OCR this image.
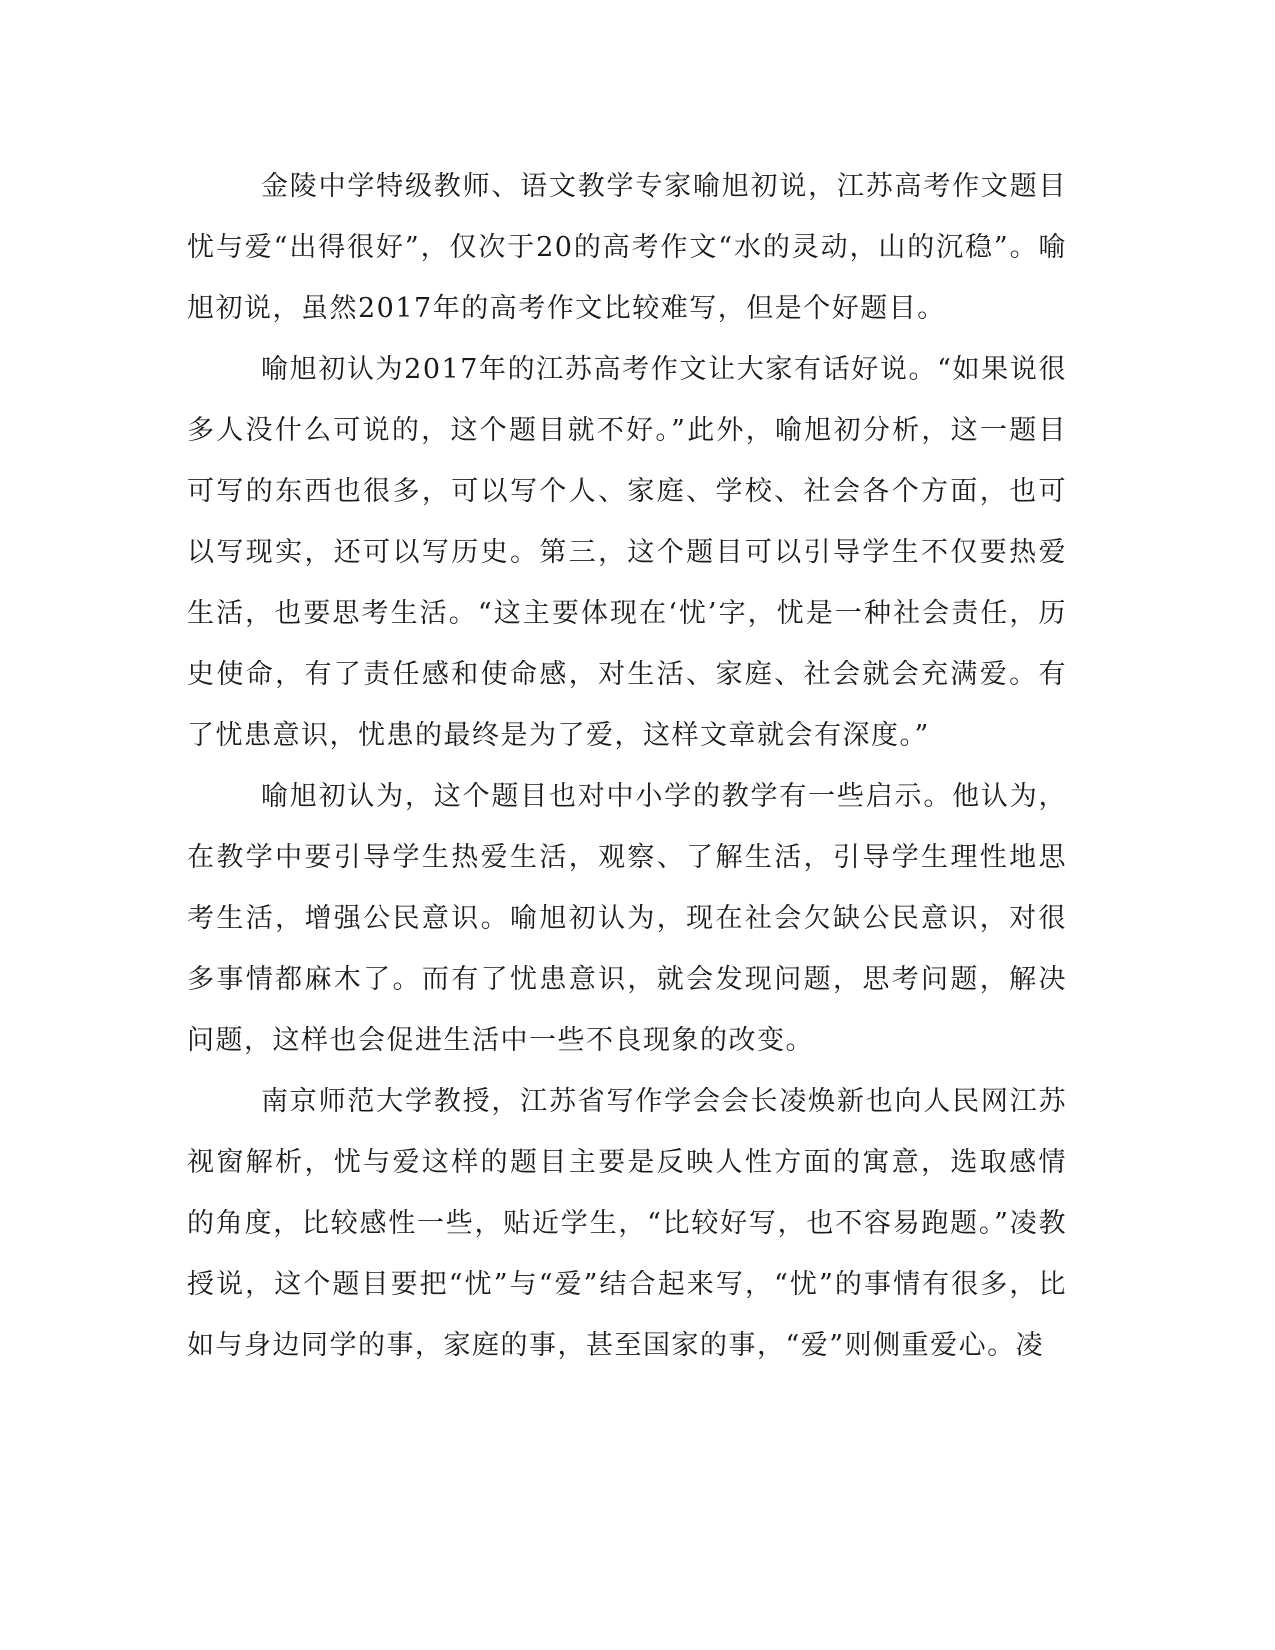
金陵中学特级教师、语文教学专家喻旭初说，江苏高考作文题目忧与爱“出得很好”，仅次于20的高考作文“水的灵动，山的沉稳”。喻旭初说，虽然2017年的高考作文比较难写，但是个好题目。

喻旭初认为2017年的江苏高考作文让大家有话好说。“如果说很多人没什么可说的，这个题目就不好。”此外，喻旭初分析，这一题目可写的东西也很多，可以写个人、家庭、学校、社会各个方面，也可以写现实，还可以写历史。第三，这个题目可以引导学生不仅要热爱生活，也要思考生活。“这主要体现在‘忧’字，忧是一种社会责任，历史使命，有了责任感和使命感，对生活、家庭、社会就会充满爱。有了忧患意识，忧患的最终是为了爱，这样文章就会有深度。”

喻旭初认为，这个题目也对中小学的教学有一些启示。他认为，在教学中要引导学生热爱生活，观察、了解生活，引导学生理性地思考生活，增强公民意识。喻旭初认为，现在社会欠缺公民意识，对很多事情都麻木了。而有了忧患意识，就会发现问题，思考问题，解决问题，这样也会促进生活中一些不良现象的改变。

南京师范大学教授，江苏省写作学会会长凌焕新也向人民网江苏视窗解析，忧与爱这样的题目主要是反映人性方面的寓意，选取感情的角度，比较感性一些，贴近学生，“比较好写，也不容易跑题。”凌教授说，这个题目要把“忧”与“爱”结合起来写，“忧”的事情有很多，比如与身边同学的事，家庭的事，甚至国家的事，“爱”则侧重爱心。凌
